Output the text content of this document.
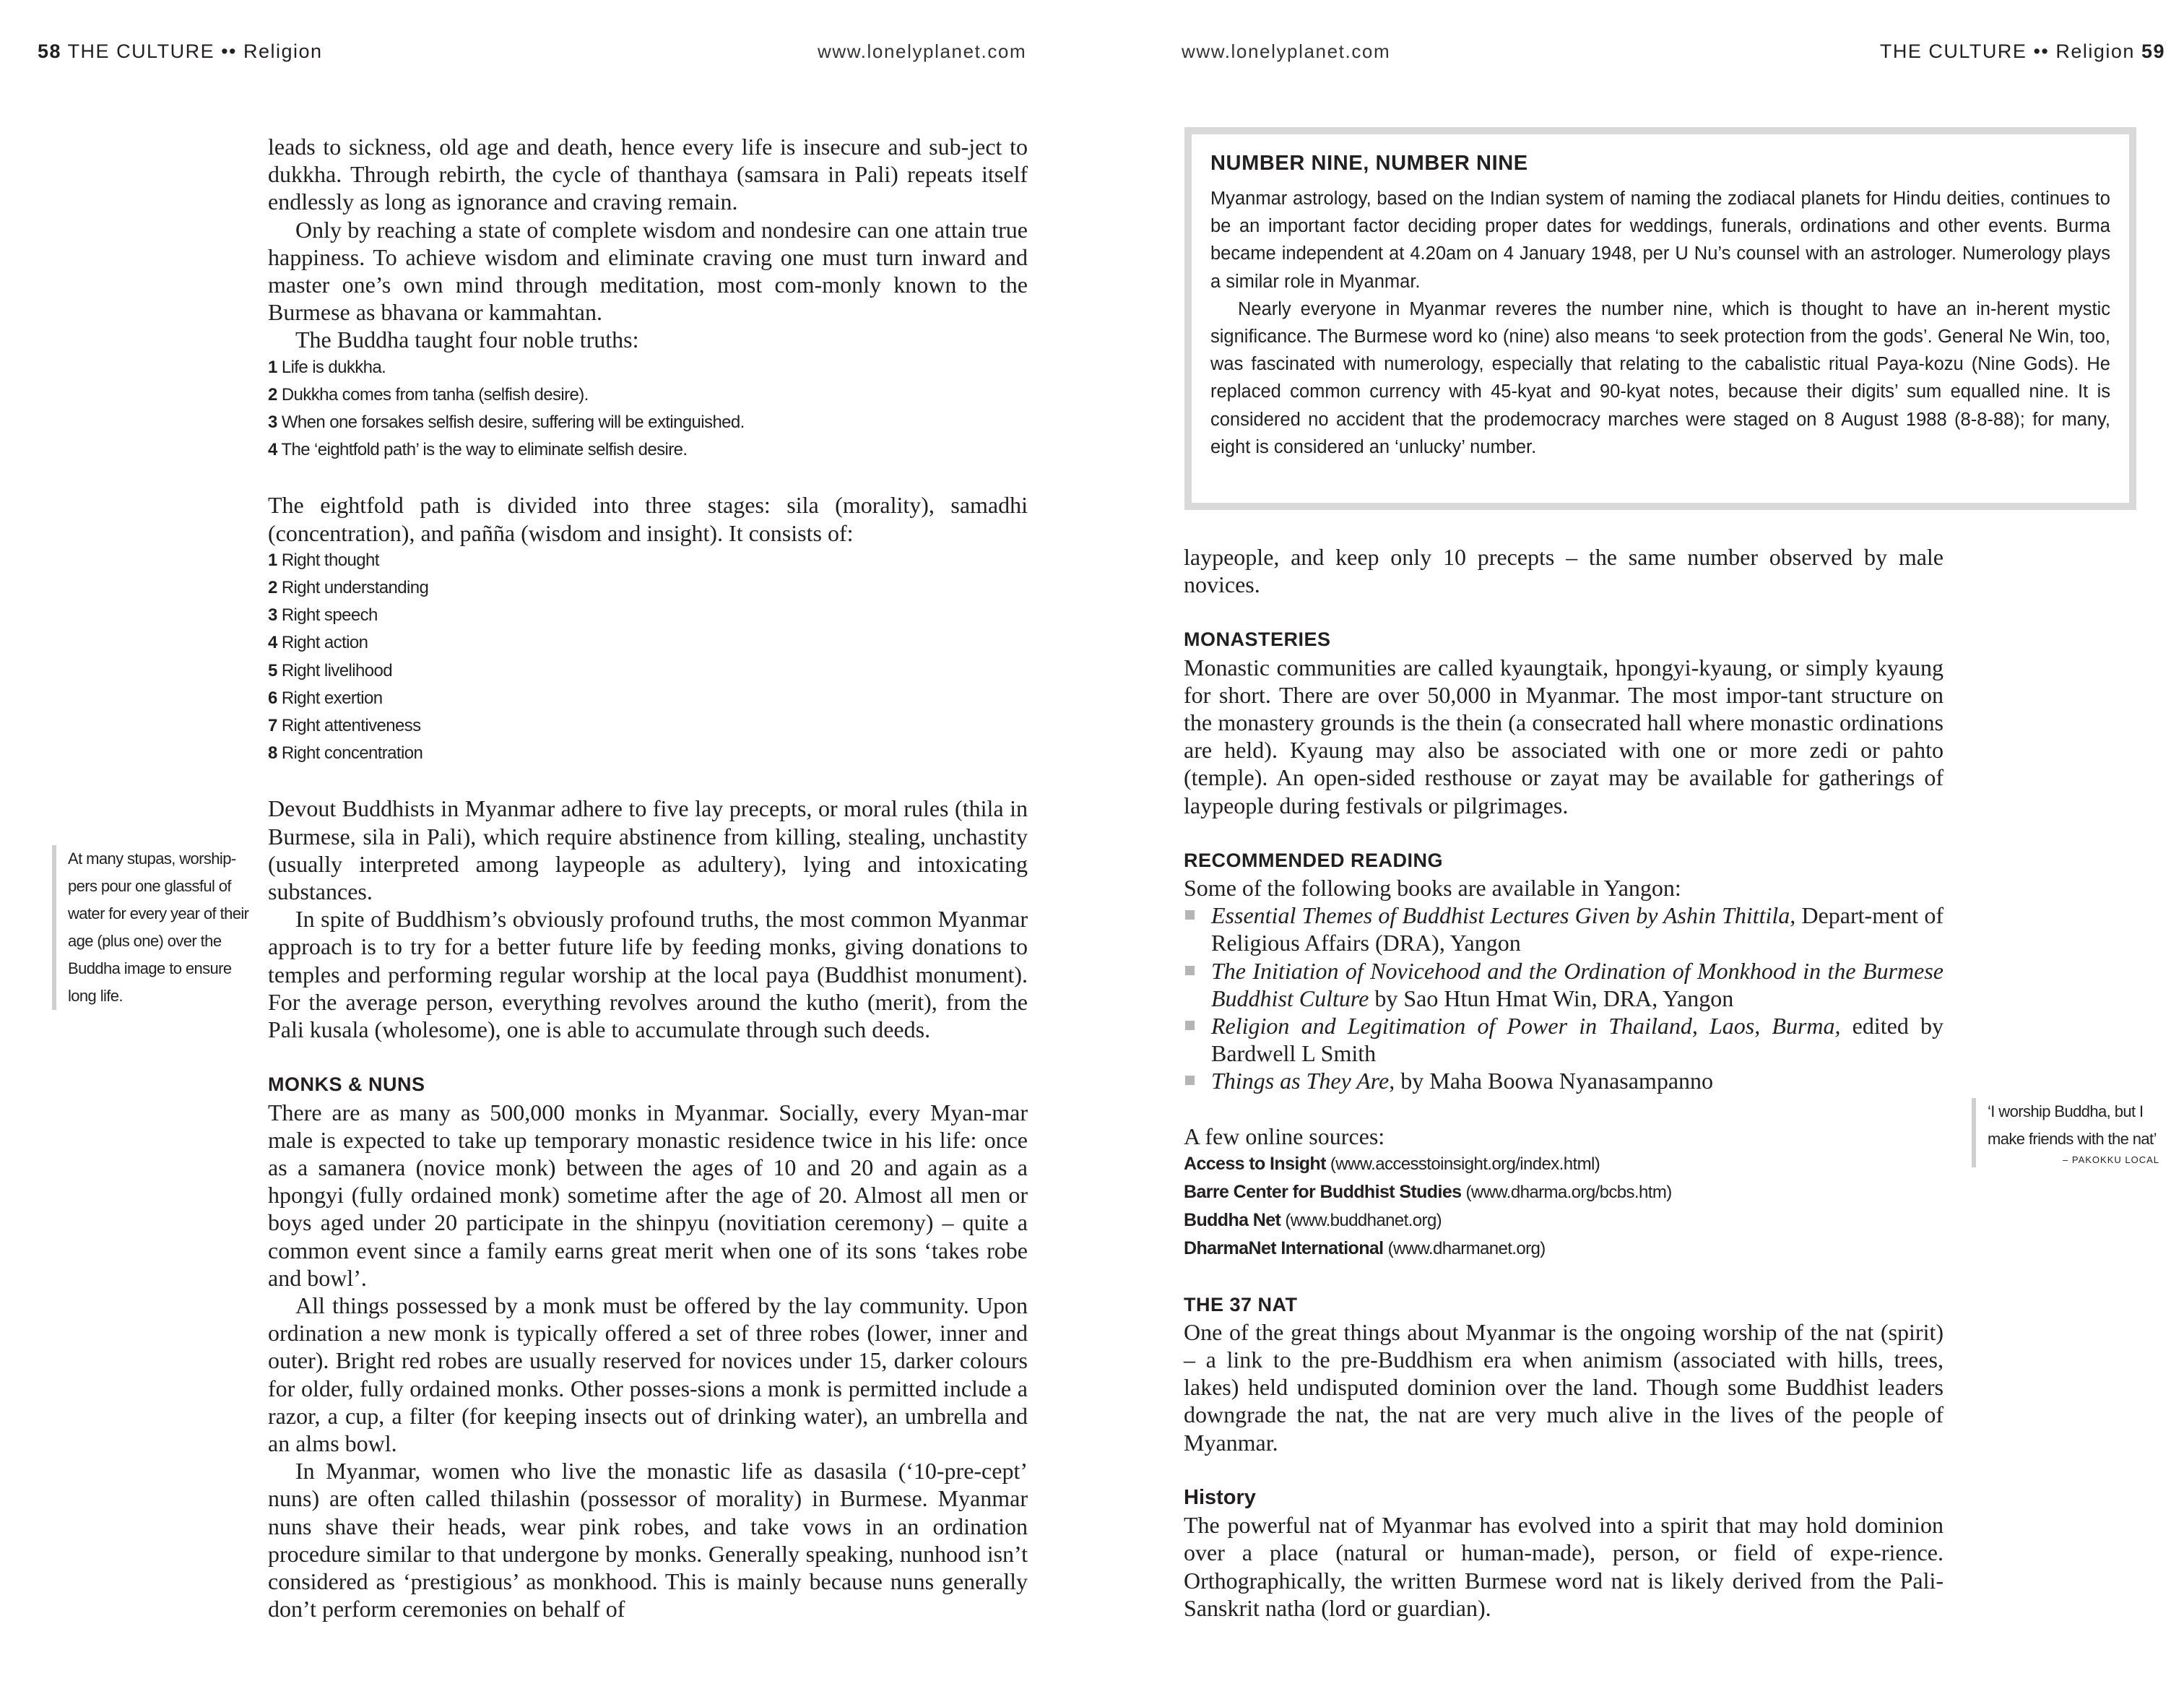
58 THE CULTURE •• Religion	www.lonelyplanet.com

leads to sickness, old age and death, hence every life is insecure and sub-ject to dukkha. Through rebirth, the cycle of thanthaya (samsara in Pali) repeats itself endlessly as long as ignorance and craving remain.

Only by reaching a state of complete wisdom and nondesire can one attain true happiness. To achieve wisdom and eliminate craving one must turn inward and master one’s own mind through meditation, most com-monly known to the Burmese as bhavana or kammahtan.

The Buddha taught four noble truths:

1 Life is dukkha.
2 Dukkha comes from tanha (selfish desire).
3 When one forsakes selfish desire, suffering will be extinguished.
4 The ‘eightfold path’ is the way to eliminate selfish desire.

The eightfold path is divided into three stages: sila (morality), samadhi (concentration), and paññа (wisdom and insight). It consists of:

1 Right thought
2 Right understanding
3 Right speech
4 Right action
5 Right livelihood
6 Right exertion
7 Right attentiveness
8 Right concentration

Devout Buddhists in Myanmar adhere to five lay precepts, or moral rules (thila in Burmese, sila in Pali), which require abstinence from killing, stealing, unchastity (usually interpreted among laypeople as adultery), lying and intoxicating substances.

In spite of Buddhism’s obviously profound truths, the most common Myanmar approach is to try for a better future life by feeding monks, giving donations to temples and performing regular worship at the local paya (Buddhist monument). For the average person, everything revolves around the kutho (merit), from the Pali kusala (wholesome), one is able to accumulate through such deeds.

MONKS & NUNS

There are as many as 500,000 monks in Myanmar. Socially, every Myan-mar male is expected to take up temporary monastic residence twice in his life: once as a samanera (novice monk) between the ages of 10 and 20 and again as a hpongyi (fully ordained monk) sometime after the age of 20. Almost all men or boys aged under 20 participate in the shinpyu (novitiation ceremony) – quite a common event since a family earns great merit when one of its sons ‘takes robe and bowl’.

All things possessed by a monk must be offered by the lay community. Upon ordination a new monk is typically offered a set of three robes (lower, inner and outer). Bright red robes are usually reserved for novices under 15, darker colours for older, fully ordained monks. Other posses-sions a monk is permitted include a razor, a cup, a filter (for keeping insects out of drinking water), an umbrella and an alms bowl.

In Myanmar, women who live the monastic life as dasasila (‘10-pre-cept’ nuns) are often called thilashin (possessor of morality) in Burmese. Myanmar nuns shave their heads, wear pink robes, and take vows in an ordination procedure similar to that undergone by monks. Generally speaking, nunhood isn’t considered as ‘prestigious’ as monkhood. This is mainly because nuns generally don’t perform ceremonies on behalf of

At many stupas, worship-pers pour one glassful of water for every year of their age (plus one) over the Buddha image to ensure long life.
www.lonelyplanet.com	THE CULTURE •• Religion 59
NUMBER NINE, NUMBER NINE

Myanmar astrology, based on the Indian system of naming the zodiacal planets for Hindu deities, continues to be an important factor deciding proper dates for weddings, funerals, ordinations and other events. Burma became independent at 4.20am on 4 January 1948, per U Nu’s counsel with an astrologer. Numerology plays a similar role in Myanmar.

Nearly everyone in Myanmar reveres the number nine, which is thought to have an in-herent mystic significance. The Burmese word ko (nine) also means ‘to seek protection from the gods’. General Ne Win, too, was fascinated with numerology, especially that relating to the cabalistic ritual Paya-kozu (Nine Gods). He replaced common currency with 45-kyat and 90-kyat notes, because their digits’ sum equalled nine. It is considered no accident that the prodemocracy marches were staged on 8 August 1988 (8-8-88); for many, eight is considered an ‘unlucky’ number.

laypeople, and keep only 10 precepts – the same number observed by male novices.

MONASTERIES

Monastic communities are called kyaungtaik, hpongyi-kyaung, or simply kyaung for short. There are over 50,000 in Myanmar. The most impor-tant structure on the monastery grounds is the thein (a consecrated hall where monastic ordinations are held). Kyaung may also be associated with one or more zedi or pahto (temple). An open-sided resthouse or zayat may be available for gatherings of laypeople during festivals or pilgrimages.

RECOMMENDED READING

Some of the following books are available in Yangon:

Essential Themes of Buddhist Lectures Given by Ashin Thittila, Depart-ment of Religious Affairs (DRA), Yangon
The Initiation of Novicehood and the Ordination of Monkhood in the Burmese Buddhist Culture by Sao Htun Hmat Win, DRA, Yangon
Religion and Legitimation of Power in Thailand, Laos, Burma, edited by Bardwell L Smith
Things as They Are, by Maha Boowa Nyanasampanno

A few online sources:

Access to Insight (www.accesstoinsight.org/index.html)
Barre Center for Buddhist Studies (www.dharma.org/bcbs.htm)
Buddha Net (www.buddhanet.org)
DharmaNet International (www.dharmanet.org)
THE 37 NAT

One of the great things about Myanmar is the ongoing worship of the nat (spirit) – a link to the pre-Buddhism era when animism (associated with hills, trees, lakes) held undisputed dominion over the land. Though some Buddhist leaders downgrade the nat, the nat are very much alive in the lives of the people of Myanmar.

History

The powerful nat of Myanmar has evolved into a spirit that may hold dominion over a place (natural or human-made), person, or field of expe-rience. Orthographically, the written Burmese word nat is likely derived from the Pali-Sanskrit natha (lord or guardian).

‘I worship Buddha, but I make friends with the nat’
– PAKOKKU LOCAL
